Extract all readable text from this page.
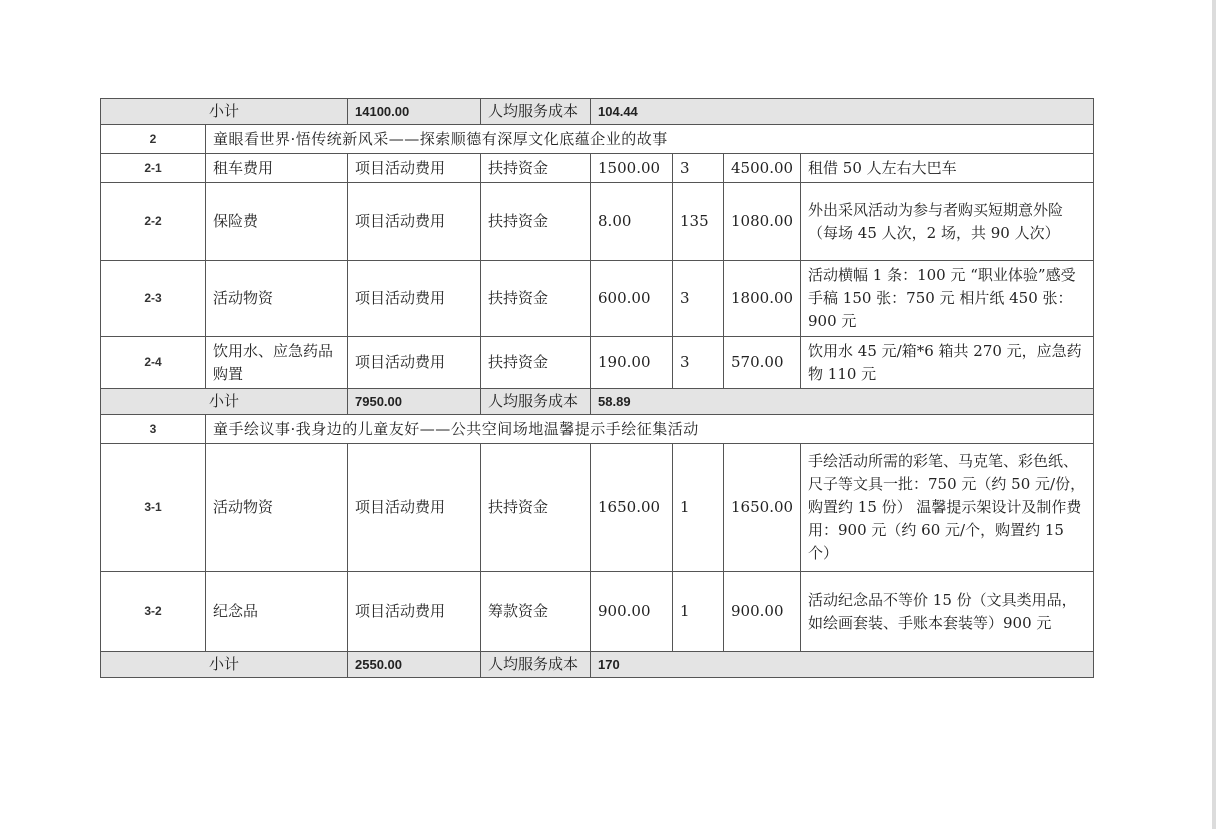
小计		14100.00	人均服务成本	104.44			
2	童眼看世界·悟传统新风采——探索顺德有深厚文化底蕴企业的故事						
2-1	租车费用	项目活动费用	扶持资金	1500.00	3	4500.00	租借 50 人左右大巴车
2-2	保险费	项目活动费用	扶持资金	8.00	135	1080.00	外出采风活动为参与者购买短期意外险（每场 45 人次，2 场，共 90 人次）
2-3	活动物资	项目活动费用	扶持资金	600.00	3	1800.00	活动横幅 1 条：100 元 “职业体验”感受手稿 150 张：750 元 相片纸 450 张：900 元
2-4	饮用水、应急药品购置	项目活动费用	扶持资金	190.00	3	570.00	饮用水 45 元/箱*6 箱共 270 元，应急药物 110 元
小计		7950.00	人均服务成本	58.89			
3	童手绘议事·我身边的儿童友好——公共空间场地温馨提示手绘征集活动						
3-1	活动物资	项目活动费用	扶持资金	1650.00	1	1650.00	手绘活动所需的彩笔、马克笔、彩色纸、尺子等文具一批：750 元（约 50 元/份，购置约 15 份） 温馨提示架设计及制作费用：900 元（约 60 元/个，购置约 15 个）
3-2	纪念品	项目活动费用	筹款资金	900.00	1	900.00	活动纪念品不等价 15 份（文具类用品，如绘画套装、手账本套装等）900 元
小计		2550.00	人均服务成本	170			
